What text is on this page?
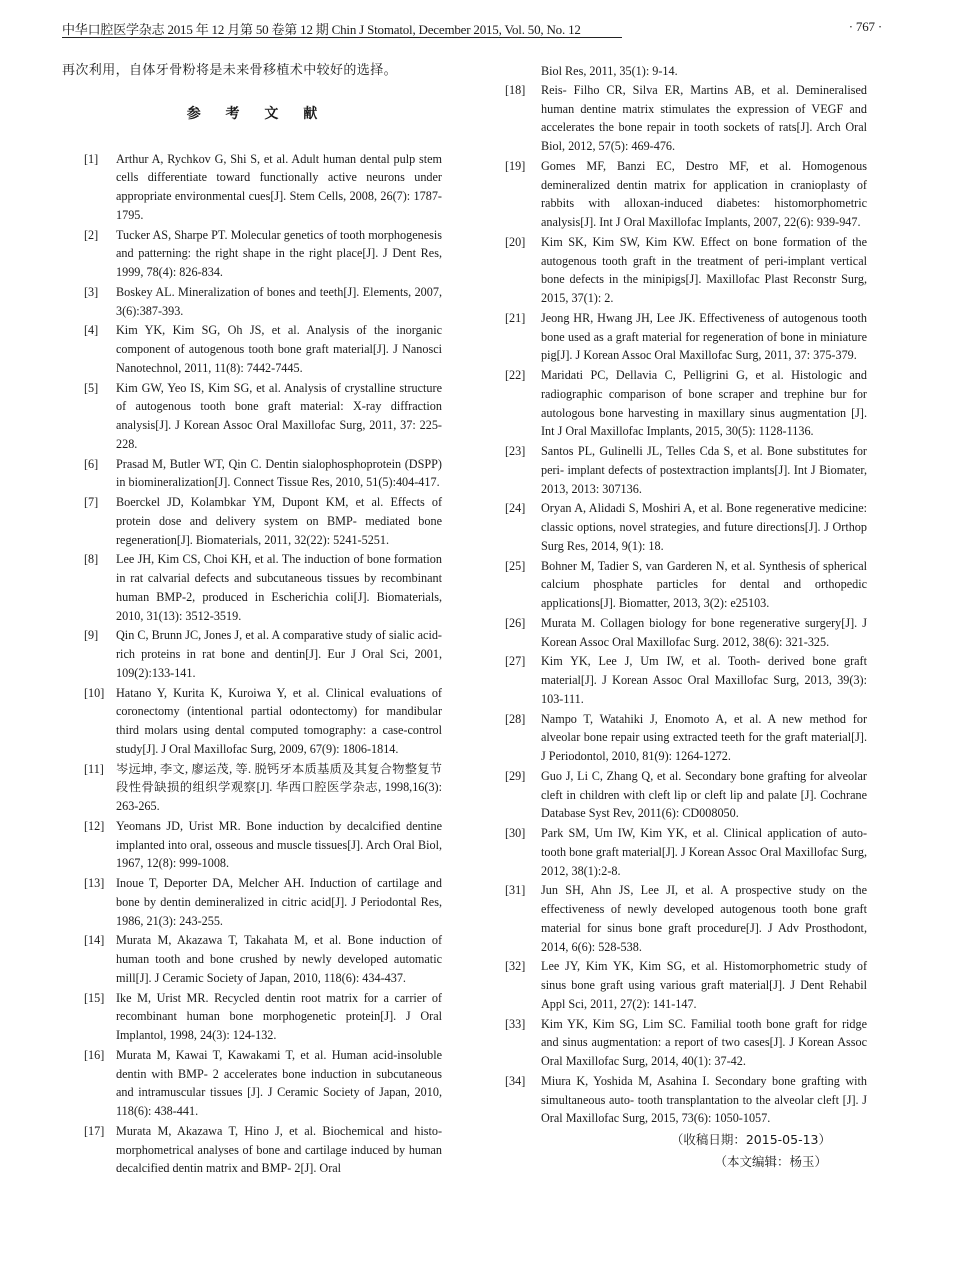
中华口腔医学杂志 2015 年 12 月第 50 卷第 12 期 Chin J Stomatol, December 2015, Vol. 50, No. 12	· 767 ·
再次利用，自体牙骨粉将是未来骨移植术中较好的选择。
参 考 文 献
[1] Arthur A, Rychkov G, Shi S, et al. Adult human dental pulp stem cells differentiate toward functionally active neurons under appropriate environmental cues[J]. Stem Cells, 2008, 26(7): 1787-1795.
[2] Tucker AS, Sharpe PT. Molecular genetics of tooth morphogenesis and patterning: the right shape in the right place[J]. J Dent Res, 1999, 78(4): 826-834.
[3] Boskey AL. Mineralization of bones and teeth[J]. Elements, 2007, 3(6):387-393.
[4] Kim YK, Kim SG, Oh JS, et al. Analysis of the inorganic component of autogenous tooth bone graft material[J]. J Nanosci Nanotechnol, 2011, 11(8): 7442-7445.
[5] Kim GW, Yeo IS, Kim SG, et al. Analysis of crystalline structure of autogenous tooth bone graft material: X-ray diffraction analysis[J]. J Korean Assoc Oral Maxillofac Surg, 2011, 37: 225-228.
[6] Prasad M, Butler WT, Qin C. Dentin sialophosphoprotein (DSPP) in biomineralization[J]. Connect Tissue Res, 2010, 51(5):404-417.
[7] Boerckel JD, Kolambkar YM, Dupont KM, et al. Effects of protein dose and delivery system on BMP- mediated bone regeneration[J]. Biomaterials, 2011, 32(22): 5241-5251.
[8] Lee JH, Kim CS, Choi KH, et al. The induction of bone formation in rat calvarial defects and subcutaneous tissues by recombinant human BMP-2, produced in Escherichia coli[J]. Biomaterials, 2010, 31(13): 3512-3519.
[9] Qin C, Brunn JC, Jones J, et al. A comparative study of sialic acid- rich proteins in rat bone and dentin[J]. Eur J Oral Sci, 2001, 109(2):133-141.
[10] Hatano Y, Kurita K, Kuroiwa Y, et al. Clinical evaluations of coronectomy (intentional partial odontectomy) for mandibular third molars using dental computed tomography: a case-control study[J]. J Oral Maxillofac Surg, 2009, 67(9): 1806-1814.
[11] 岑远坤, 李文, 廖运茂, 等. 脱钙牙本质基质及其复合物整复节段性骨缺损的组织学观察[J]. 华西口腔医学杂志, 1998,16(3): 263-265.
[12] Yeomans JD, Urist MR. Bone induction by decalcified dentine implanted into oral, osseous and muscle tissues[J]. Arch Oral Biol, 1967, 12(8): 999-1008.
[13] Inoue T, Deporter DA, Melcher AH. Induction of cartilage and bone by dentin demineralized in citric acid[J]. J Periodontal Res, 1986, 21(3): 243-255.
[14] Murata M, Akazawa T, Takahata M, et al. Bone induction of human tooth and bone crushed by newly developed automatic mill[J]. J Ceramic Society of Japan, 2010, 118(6): 434-437.
[15] Ike M, Urist MR. Recycled dentin root matrix for a carrier of recombinant human bone morphogenetic protein[J]. J Oral Implantol, 1998, 24(3): 124-132.
[16] Murata M, Kawai T, Kawakami T, et al. Human acid-insoluble dentin with BMP- 2 accelerates bone induction in subcutaneous and intramuscular tissues [J]. J Ceramic Society of Japan, 2010, 118(6): 438-441.
[17] Murata M, Akazawa T, Hino J, et al. Biochemical and histo-morphometrical analyses of bone and cartilage induced by human decalcified dentin matrix and BMP- 2[J]. Oral
Biol Res, 2011, 35(1): 9-14.
[18] Reis- Filho CR, Silva ER, Martins AB, et al. Demineralised human dentine matrix stimulates the expression of VEGF and accelerates the bone repair in tooth sockets of rats[J]. Arch Oral Biol, 2012, 57(5): 469-476.
[19] Gomes MF, Banzi EC, Destro MF, et al. Homogenous demineralized dentin matrix for application in cranioplasty of rabbits with alloxan-induced diabetes: histomorphometric analysis[J]. Int J Oral Maxillofac Implants, 2007, 22(6): 939-947.
[20] Kim SK, Kim SW, Kim KW. Effect on bone formation of the autogenous tooth graft in the treatment of peri-implant vertical bone defects in the minipigs[J]. Maxillofac Plast Reconstr Surg, 2015, 37(1): 2.
[21] Jeong HR, Hwang JH, Lee JK. Effectiveness of autogenous tooth bone used as a graft material for regeneration of bone in miniature pig[J]. J Korean Assoc Oral Maxillofac Surg, 2011, 37: 375-379.
[22] Maridati PC, Dellavia C, Pelligrini G, et al. Histologic and radiographic comparison of bone scraper and trephine bur for autologous bone harvesting in maxillary sinus augmentation [J]. Int J Oral Maxillofac Implants, 2015, 30(5): 1128-1136.
[23] Santos PL, Gulinelli JL, Telles Cda S, et al. Bone substitutes for peri- implant defects of postextraction implants[J]. Int J Biomater, 2013, 2013: 307136.
[24] Oryan A, Alidadi S, Moshiri A, et al. Bone regenerative medicine: classic options, novel strategies, and future directions[J]. J Orthop Surg Res, 2014, 9(1): 18.
[25] Bohner M, Tadier S, van Garderen N, et al. Synthesis of spherical calcium phosphate particles for dental and orthopedic applications[J]. Biomatter, 2013, 3(2): e25103.
[26] Murata M. Collagen biology for bone regenerative surgery[J]. J Korean Assoc Oral Maxillofac Surg. 2012, 38(6): 321-325.
[27] Kim YK, Lee J, Um IW, et al. Tooth- derived bone graft material[J]. J Korean Assoc Oral Maxillofac Surg, 2013, 39(3): 103-111.
[28] Nampo T, Watahiki J, Enomoto A, et al. A new method for alveolar bone repair using extracted teeth for the graft material[J]. J Periodontol, 2010, 81(9): 1264-1272.
[29] Guo J, Li C, Zhang Q, et al. Secondary bone grafting for alveolar cleft in children with cleft lip or cleft lip and palate [J]. Cochrane Database Syst Rev, 2011(6): CD008050.
[30] Park SM, Um IW, Kim YK, et al. Clinical application of auto-tooth bone graft material[J]. J Korean Assoc Oral Maxillofac Surg, 2012, 38(1):2-8.
[31] Jun SH, Ahn JS, Lee JI, et al. A prospective study on the effectiveness of newly developed autogenous tooth bone graft material for sinus bone graft procedure[J]. J Adv Prosthodont, 2014, 6(6): 528-538.
[32] Lee JY, Kim YK, Kim SG, et al. Histomorphometric study of sinus bone graft using various graft material[J]. J Dent Rehabil Appl Sci, 2011, 27(2): 141-147.
[33] Kim YK, Kim SG, Lim SC. Familial tooth bone graft for ridge and sinus augmentation: a report of two cases[J]. J Korean Assoc Oral Maxillofac Surg, 2014, 40(1): 37-42.
[34] Miura K, Yoshida M, Asahina I. Secondary bone grafting with simultaneous auto- tooth transplantation to the alveolar cleft [J]. J Oral Maxillofac Surg, 2015, 73(6): 1050-1057.
（收稿日期：2015-05-13）
（本文编辑：杨玉）
